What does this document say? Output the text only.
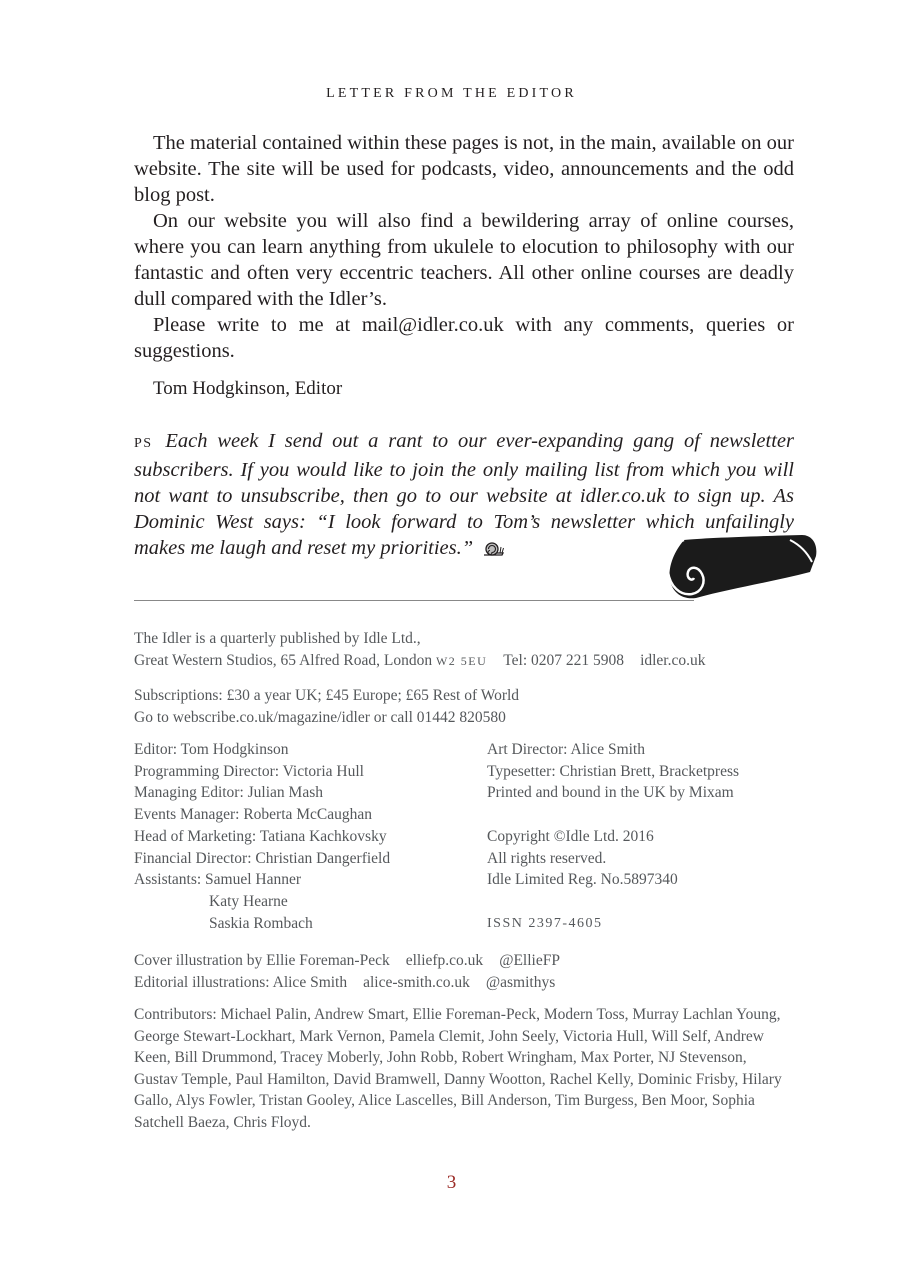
LETTER FROM THE EDITOR

The material contained within these pages is not, in the main, available on our website. The site will be used for podcasts, video, announcements and the odd blog post.

On our website you will also find a bewildering array of online courses, where you can learn anything from ukulele to elocution to philosophy with our fantastic and often very eccentric teachers. All other online courses are deadly dull compared with the Idler’s.

Please write to me at mail@idler.co.uk with any comments, queries or suggestions.

Tom Hodgkinson, Editor
PS Each week I send out a rant to our ever-expanding gang of newsletter subscribers. If you would like to join the only mailing list from which you will not want to unsubscribe, then go to our website at idler.co.uk to sign up. As Dominic West says: “I look forward to Tom’s newsletter which unfailingly makes me laugh and reset my priorities.”
The Idler is a quarterly published by Idle Ltd.,
Great Western Studios, 65 Alfred Road, London W2 5EU Tel: 0207 221 5908 idler.co.uk
Subscriptions: £30 a year UK; £45 Europe; £65 Rest of World
Go to webscribe.co.uk/magazine/idler or call 01442 820580
Editor: Tom Hodgkinson
Programming Director: Victoria Hull
Managing Editor: Julian Mash
Events Manager: Roberta McCaughan
Head of Marketing: Tatiana Kachkovsky
Financial Director: Christian Dangerfield
Assistants: Samuel Hanner
Katy Hearne
Saskia Rombach
Art Director: Alice Smith
Typesetter: Christian Brett, Bracketpress
Printed and bound in the UK by Mixam
Copyright ©Idle Ltd. 2016
All rights reserved.
Idle Limited Reg. No.5897340
ISSN 2397-4605
Cover illustration by Ellie Foreman-Peck elliefp.co.uk @EllieFP
Editorial illustrations: Alice Smith alice-smith.co.uk @asmithys
Contributors: Michael Palin, Andrew Smart, Ellie Foreman-Peck, Modern Toss, Murray Lachlan Young, George Stewart-Lockhart, Mark Vernon, Pamela Clemit, John Seely, Victoria Hull, Will Self, Andrew Keen, Bill Drummond, Tracey Moberly, John Robb, Robert Wringham, Max Porter, NJ Stevenson, Gustav Temple, Paul Hamilton, David Bramwell, Danny Wootton, Rachel Kelly, Dominic Frisby, Hilary Gallo, Alys Fowler, Tristan Gooley, Alice Lascelles, Bill Anderson, Tim Burgess, Ben Moor, Sophia Satchell Baeza, Chris Floyd.
3
